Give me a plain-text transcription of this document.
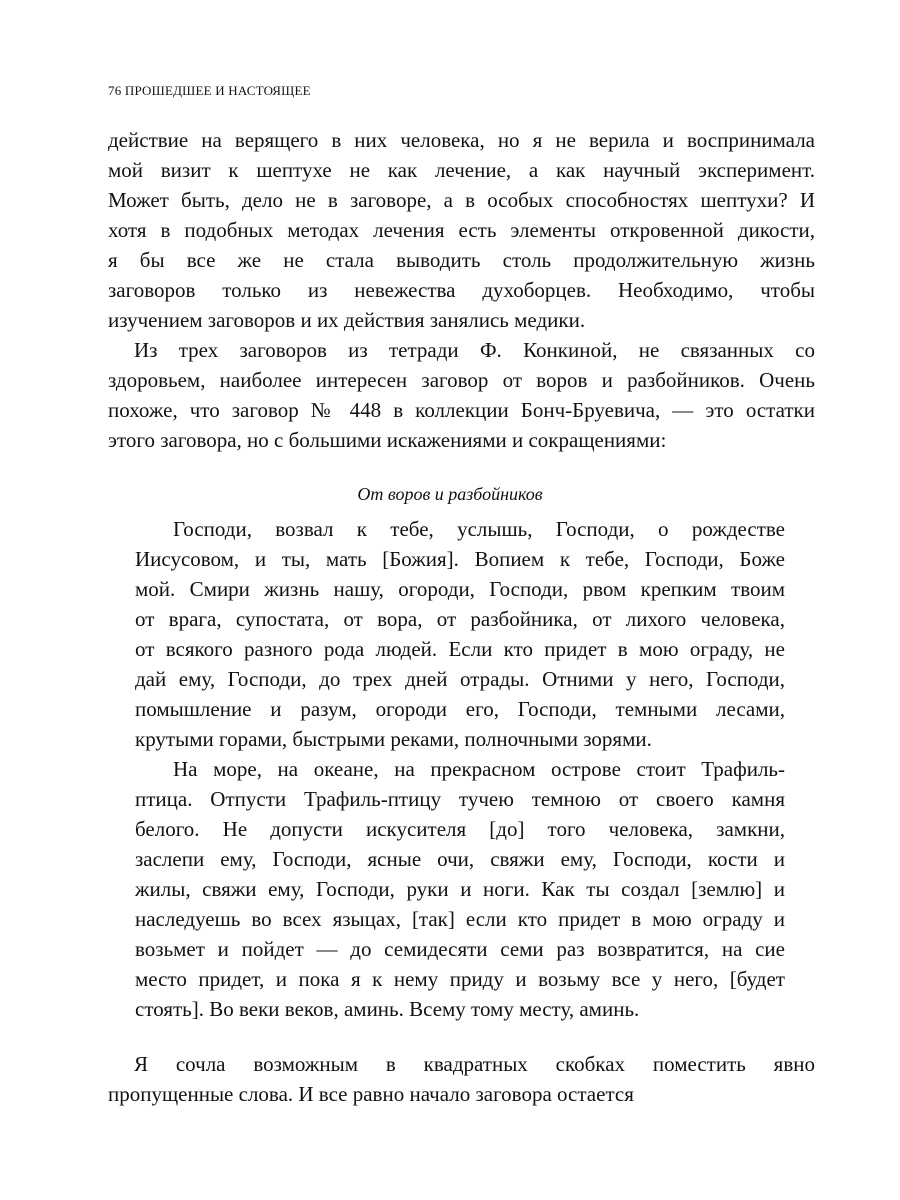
76 ПРОШЕДШЕЕ И НАСТОЯЩЕЕ
действие на верящего в них человека, но я не верила и воспринимала
мой визит к шептухе не как лечение, а как научный эксперимент.
Может быть, дело не в заговоре, а в особых способностях шептухи? И
хотя в подобных методах лечения есть элементы откровенной дикости,
я бы все же не стала выводить столь продолжительную жизнь
заговоров только из невежества духоборцев. Необходимо, чтобы
изучением заговоров и их действия занялись медики.
Из трех заговоров из тетради Ф. Конкиной, не связанных со
здоровьем, наиболее интересен заговор от воров и разбойников. Очень
похоже, что заговор № 448 в коллекции Бонч-Бруевича, — это остатки
этого заговора, но с большими искажениями и сокращениями:
От воров и разбойников
Господи, возвал к тебе, услышь, Господи, о рождестве
Иисусовом, и ты, мать [Божия]. Вопием к тебе, Господи, Боже
мой. Смири жизнь нашу, огороди, Господи, рвом крепким твоим
от врага, супостата, от вора, от разбойника, от лихого человека,
от всякого разного рода людей. Если кто придет в мою ограду, не
дай ему, Господи, до трех дней отрады. Отними у него, Господи,
помышление и разум, огороди его, Господи, темными лесами,
крутыми горами, быстрыми реками, полночными зорями.
На море, на океане, на прекрасном острове стоит Трафиль-
птица. Отпусти Трафиль-птицу тучею темною от своего камня
белого. Не допусти искусителя [до] того человека, замкни,
заслепи ему, Господи, ясные очи, свяжи ему, Господи, кости и
жилы, свяжи ему, Господи, руки и ноги. Как ты создал [землю] и
наследуешь во всех языцах, [так] если кто придет в мою ограду и
возьмет и пойдет — до семидесяти семи раз возвратится, на сие
место придет, и пока я к нему приду и возьму все у него, [будет
стоять]. Во веки веков, аминь. Всему тому месту, аминь.
Я сочла возможным в квадратных скобках поместить явно
пропущенные слова. И все равно начало заговора остается
